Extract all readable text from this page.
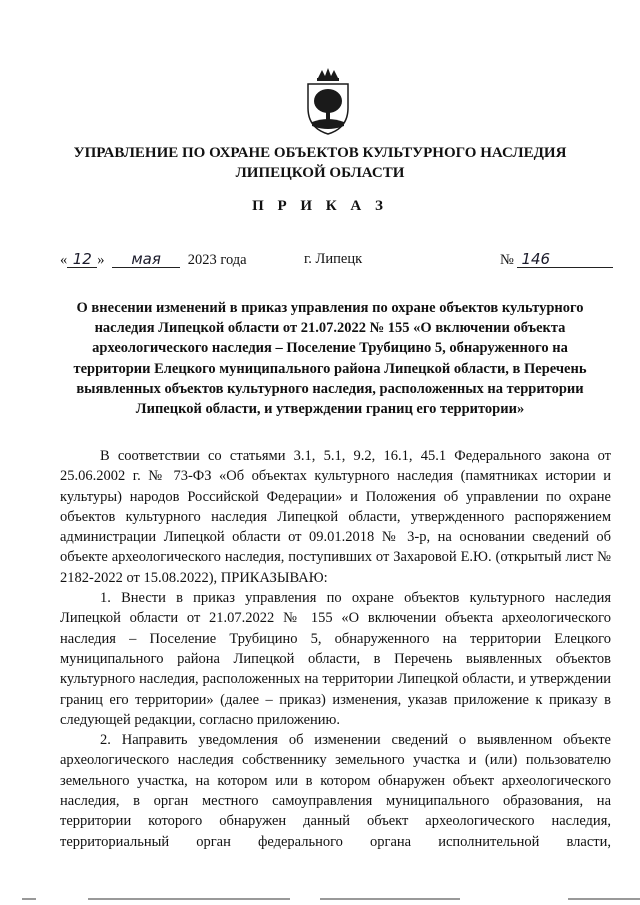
УПРАВЛЕНИЕ ПО ОХРАНЕ ОБЪЕКТОВ КУЛЬТУРНОГО НАСЛЕДИЯ
ЛИПЕЦКОЙ ОБЛАСТИ
П Р И К А З
« 12 » мая 2023 года	г. Липецк	№ 146
О внесении изменений в приказ управления по охране объектов культурного
наследия Липецкой области от 21.07.2022 № 155 «О включении объекта
археологического наследия – Поселение Трубицино 5, обнаруженного на
территории Елецкого муниципального района Липецкой области, в Перечень
выявленных объектов культурного наследия, расположенных на территории
Липецкой области, и утверждении границ его территории»

В соответствии со статьями 3.1, 5.1, 9.2, 16.1, 45.1 Федерального закона от 25.06.2002 г. № 73-ФЗ «Об объектах культурного наследия (памятниках истории и культуры) народов Российской Федерации» и Положения об управлении по охране объектов культурного наследия Липецкой области, утвержденного распоряжением администрации Липецкой области от 09.01.2018 № 3-р, на основании сведений об объекте археологического наследия, поступивших от Захаровой Е.Ю. (открытый лист № 2182-2022 от 15.08.2022), ПРИКАЗЫВАЮ:

1. Внести в приказ управления по охране объектов культурного наследия Липецкой области от 21.07.2022 № 155 «О включении объекта археологического наследия – Поселение Трубицино 5, обнаруженного на территории Елецкого муниципального района Липецкой области, в Перечень выявленных объектов культурного наследия, расположенных на территории Липецкой области, и утверждении границ его территории» (далее – приказ) изменения, указав приложение к приказу в следующей редакции, согласно приложению.

2. Направить уведомления об изменении сведений о выявленном объекте археологического наследия собственнику земельного участка и (или) пользователю земельного участка, на котором или в котором обнаружен объект археологического наследия, в орган местного самоуправления муниципального образования, на территории которого обнаружен данный объект археологического наследия, территориальный орган федерального органа исполнительной власти,
